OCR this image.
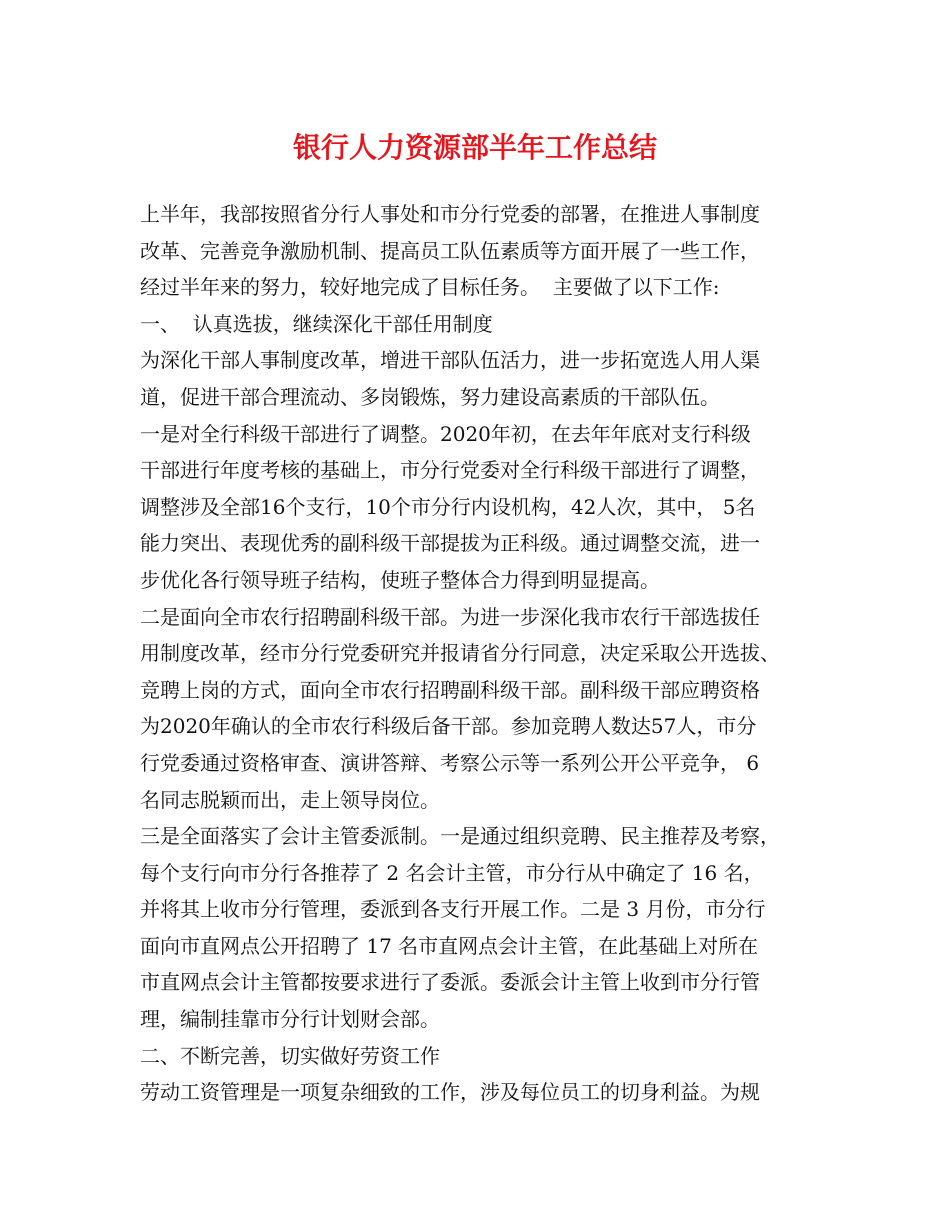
银行人力资源部半年工作总结
上半年，我部按照省分行人事处和市分行党委的部署，在推进人事制度
改革、完善竞争激励机制、提高员工队伍素质等方面开展了一些工作，
经过半年来的努力，较好地完成了目标任务。  主要做了以下工作:
一、  认真选拔，继续深化干部任用制度
为深化干部人事制度改革，增进干部队伍活力，进一步拓宽选人用人渠
道，促进干部合理流动、多岗锻炼，努力建设高素质的干部队伍。
一是对全行科级干部进行了调整。2020年初，在去年年底对支行科级
干部进行年度考核的基础上，市分行党委对全行科级干部进行了调整，
调整涉及全部16个支行，10个市分行内设机构，42人次，其中， 5名
能力突出、表现优秀的副科级干部提拔为正科级。通过调整交流，进一
步优化各行领导班子结构，使班子整体合力得到明显提高。
二是面向全市农行招聘副科级干部。为进一步深化我市农行干部选拔任
用制度改革，经市分行党委研究并报请省分行同意，决定采取公开选拔、
竞聘上岗的方式，面向全市农行招聘副科级干部。副科级干部应聘资格
为2020年确认的全市农行科级后备干部。参加竞聘人数达57人，市分
行党委通过资格审查、演讲答辩、考察公示等一系列公开公平竞争， 6
名同志脱颖而出，走上领导岗位。
三是全面落实了会计主管委派制。一是通过组织竞聘、民主推荐及考察，
每个支行向市分行各推荐了 2 名会计主管，市分行从中确定了 16 名，
并将其上收市分行管理，委派到各支行开展工作。二是 3 月份，市分行
面向市直网点公开招聘了 17 名市直网点会计主管，在此基础上对所在
市直网点会计主管都按要求进行了委派。委派会计主管上收到市分行管
理，编制挂靠市分行计划财会部。
二、不断完善，切实做好劳资工作
劳动工资管理是一项复杂细致的工作，涉及每位员工的切身利益。为规
